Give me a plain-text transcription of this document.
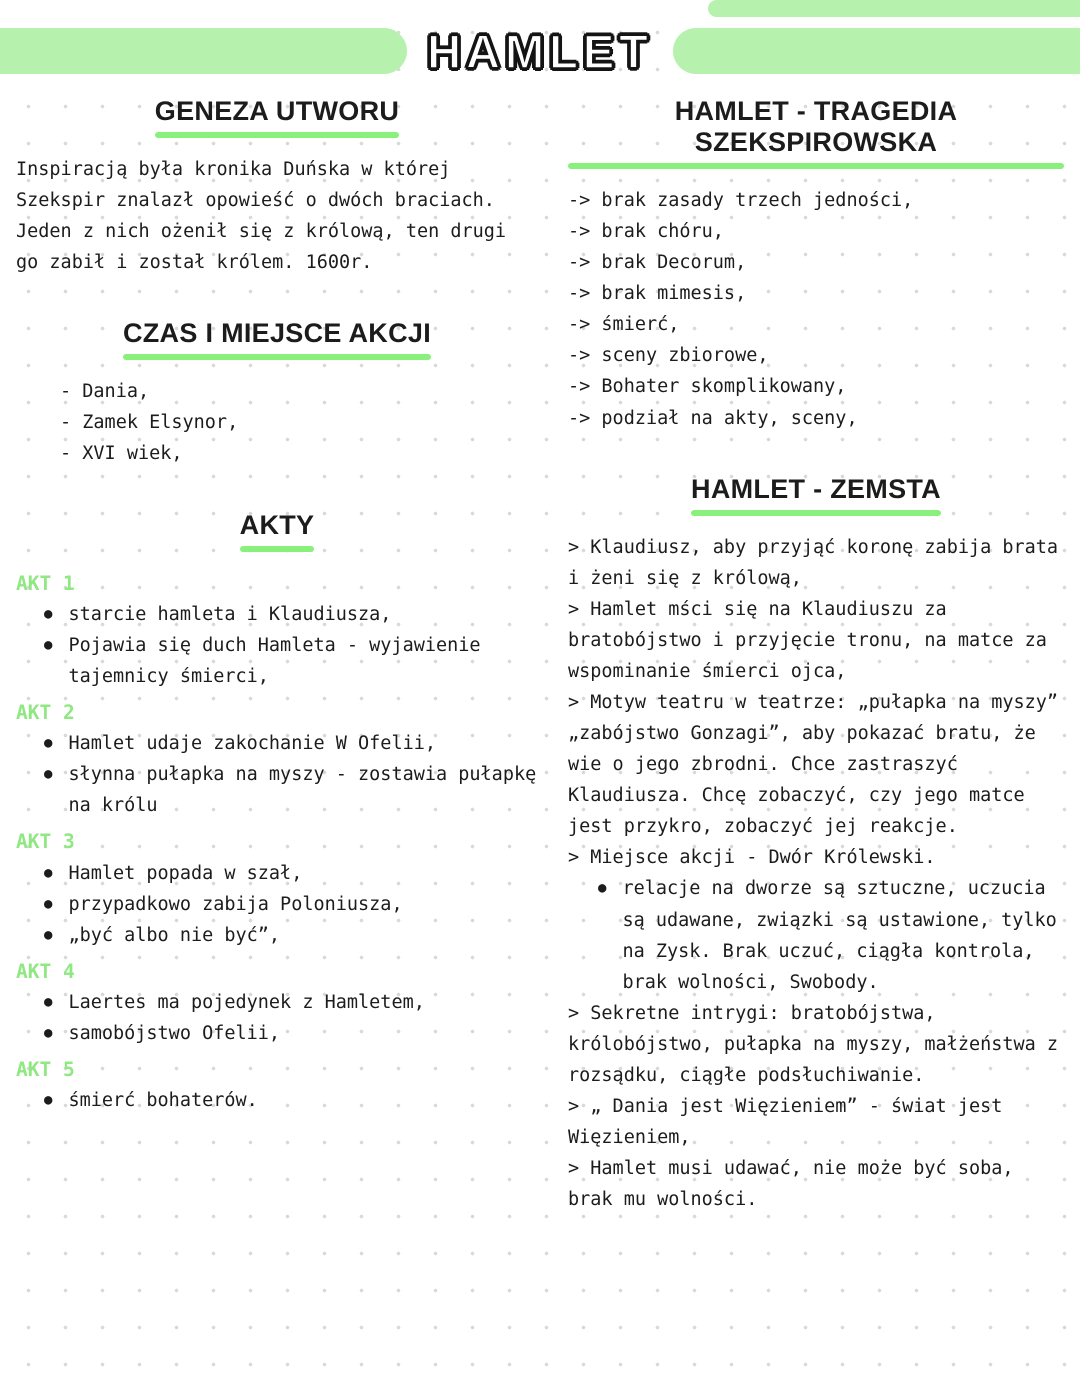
HAMLET
GENEZA UTWORU

Inspiracją była kronika Duńska w której Szekspir znalazł opowieść o dwóch braciach. Jeden z nich ożenił się z królową, ten drugi go zabił i został królem. 1600r.

CZAS I MIEJSCE AKCJI
- Dania,
- Zamek Elsynor,
- XVI wiek,
AKTY
AKT 1
● starcie hamleta i Klaudiusza,
● Pojawia się duch Hamleta - wyjawienie tajemnicy śmierci,
AKT 2
● Hamlet udaje zakochanie W Ofelii,
● słynna pułapka na myszy - zostawia pułapkę na królu
AKT 3
● Hamlet popada w szał,
● przypadkowo zabija Poloniusza,
● „być albo nie być”,
AKT 4
● Laertes ma pojedynek z Hamletem,
● samobójstwo Ofelii,
AKT 5
● śmierć bohaterów.
HAMLET - TRAGEDIA SZEKSPIROWSKA
-> brak zasady trzech jedności,
-> brak chóru,
-> brak Decorum,
-> brak mimesis,
-> śmierć,
-> sceny zbiorowe,
-> Bohater skomplikowany,
-> podział na akty, sceny,
HAMLET - ZEMSTA

> Klaudiusz, aby przyjąć koronę zabija brata i żeni się z królową,

> Hamlet mści się na Klaudiuszu za bratobójstwo i przyjęcie tronu, na matce za wspominanie śmierci ojca,

> Motyw teatru w teatrze: „pułapka na myszy” „zabójstwo Gonzagi”, aby pokazać bratu, że wie o jego zbrodni. Chce zastraszyć Klaudiusza. Chcę zobaczyć, czy jego matce jest przykro, zobaczyć jej reakcje.

> Miejsce akcji - Dwór Królewski.

● relacje na dworze są sztuczne, uczucia są udawane, związki są ustawione, tylko na Zysk. Brak uczuć, ciągła kontrola, brak wolności, Swobody.

> Sekretne intrygi: bratobójstwa, królobójstwo, pułapka na myszy, małżeństwa z rozsądku, ciągłe podsłuchiwanie.

> „ Dania jest Więzieniem” - świat jest Więzieniem,

> Hamlet musi udawać, nie może być soba, brak mu wolności.
